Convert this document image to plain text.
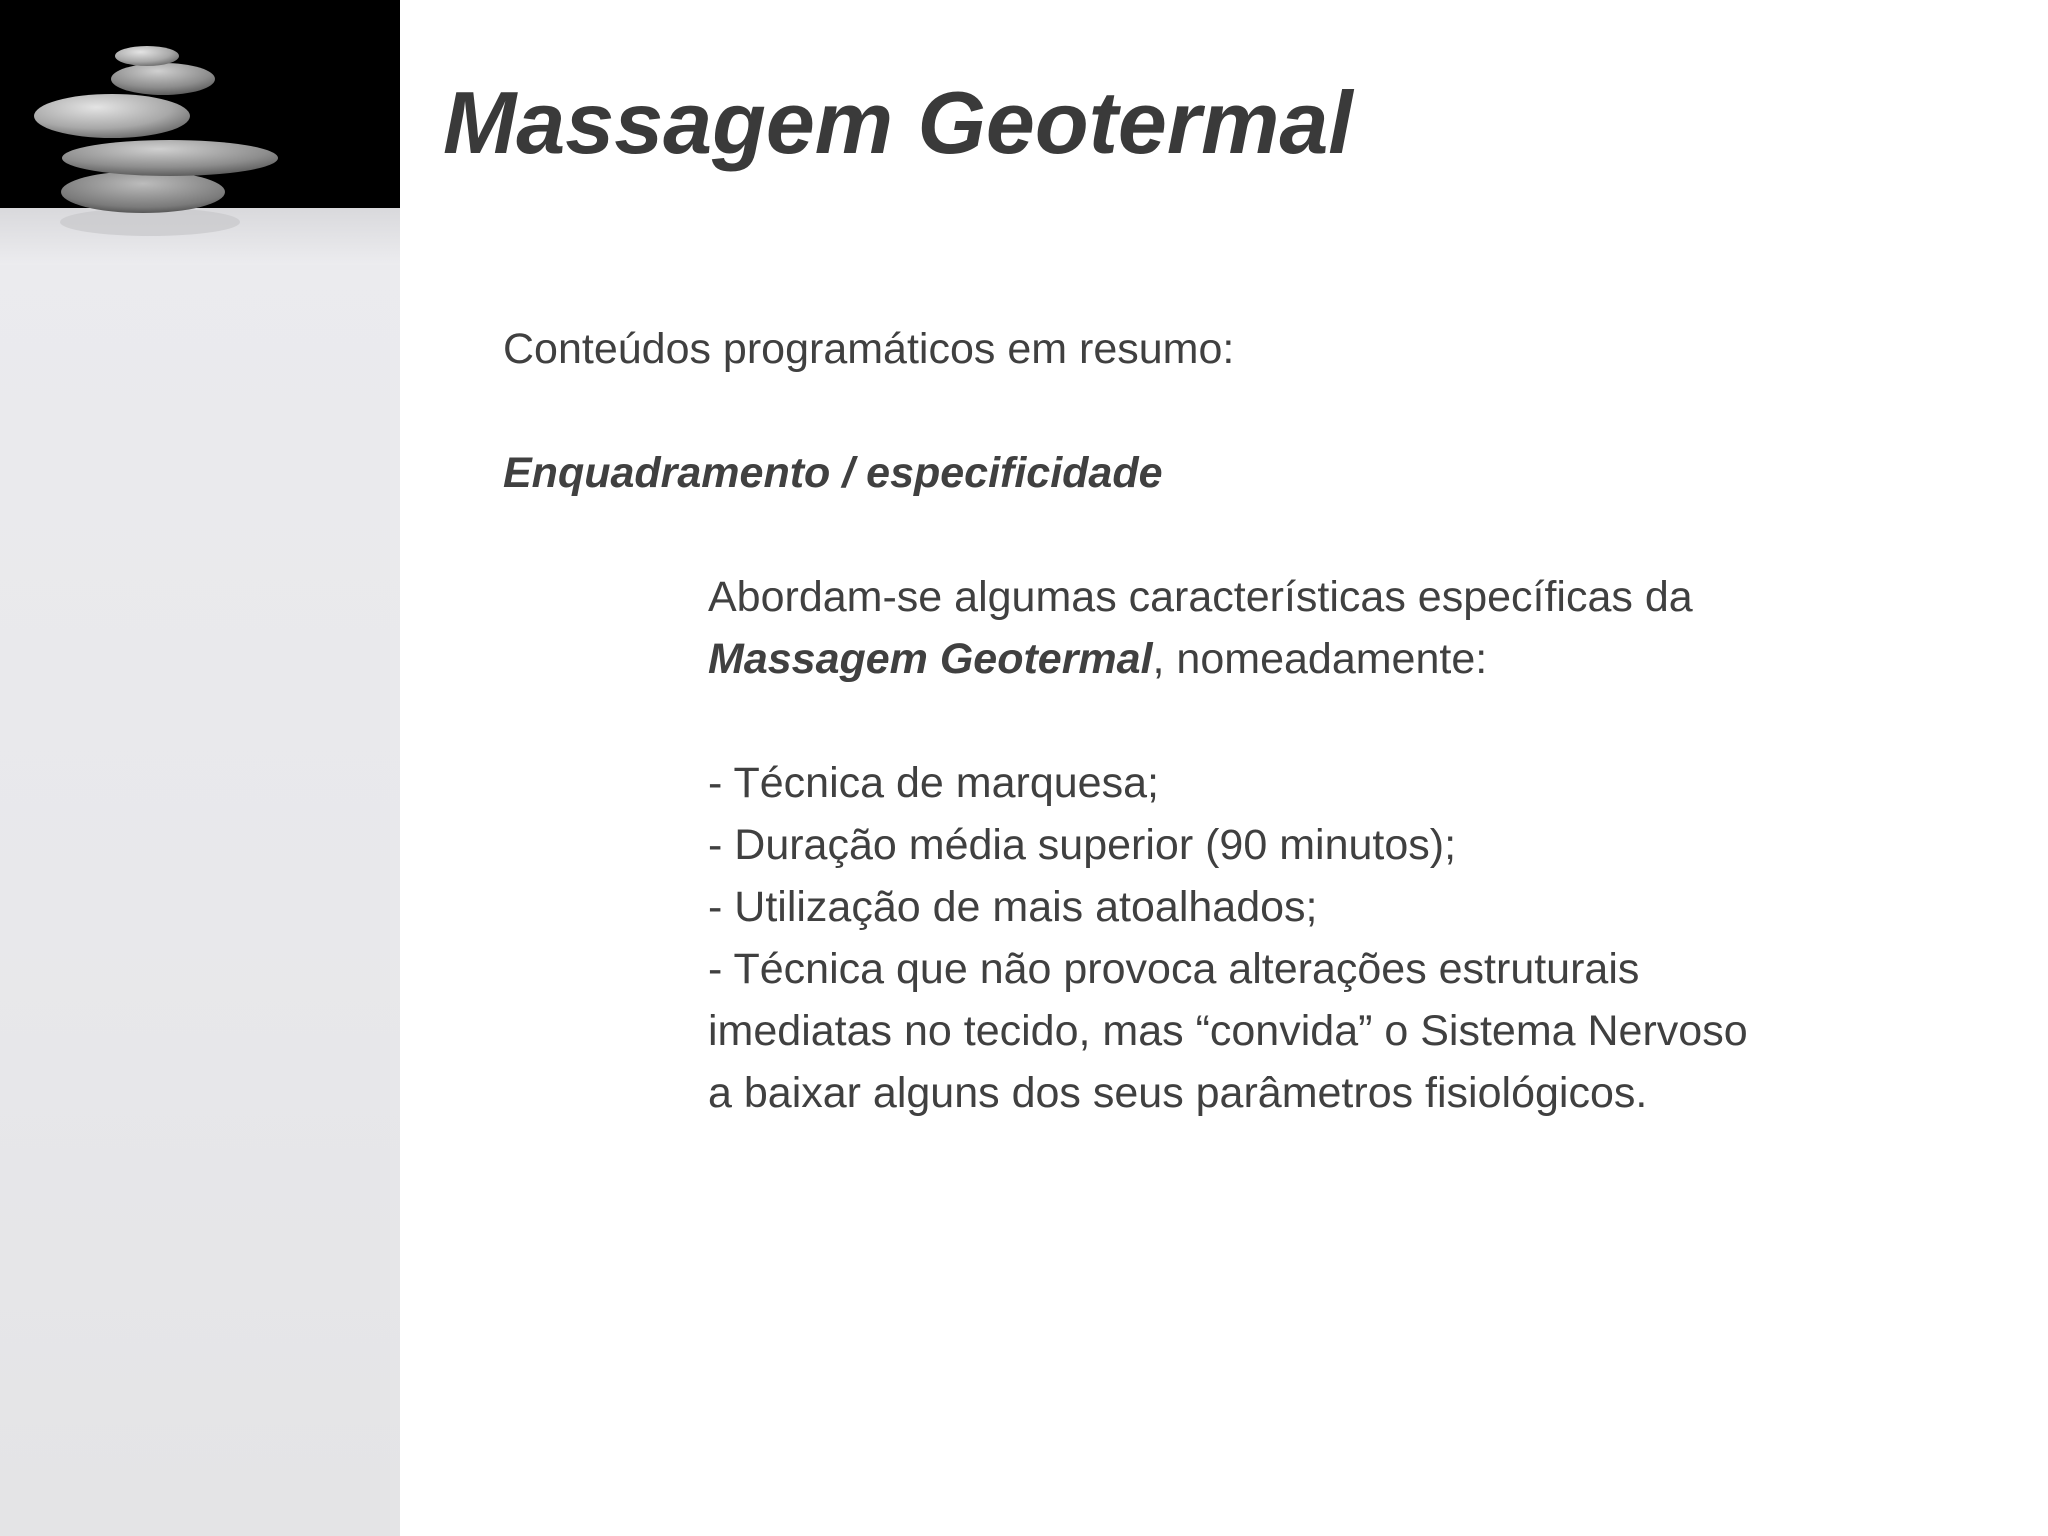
Massagem Geotermal

Conteúdos programáticos em resumo:

Enquadramento / especificidade

Abordam-se algumas características específicas da
Massagem Geotermal, nomeadamente:

- Técnica de marquesa;
- Duração média superior (90 minutos);
- Utilização de mais atoalhados;
- Técnica que não provoca alterações estruturais
imediatas no tecido, mas “convida” o Sistema Nervoso
a baixar alguns dos seus parâmetros fisiológicos.
